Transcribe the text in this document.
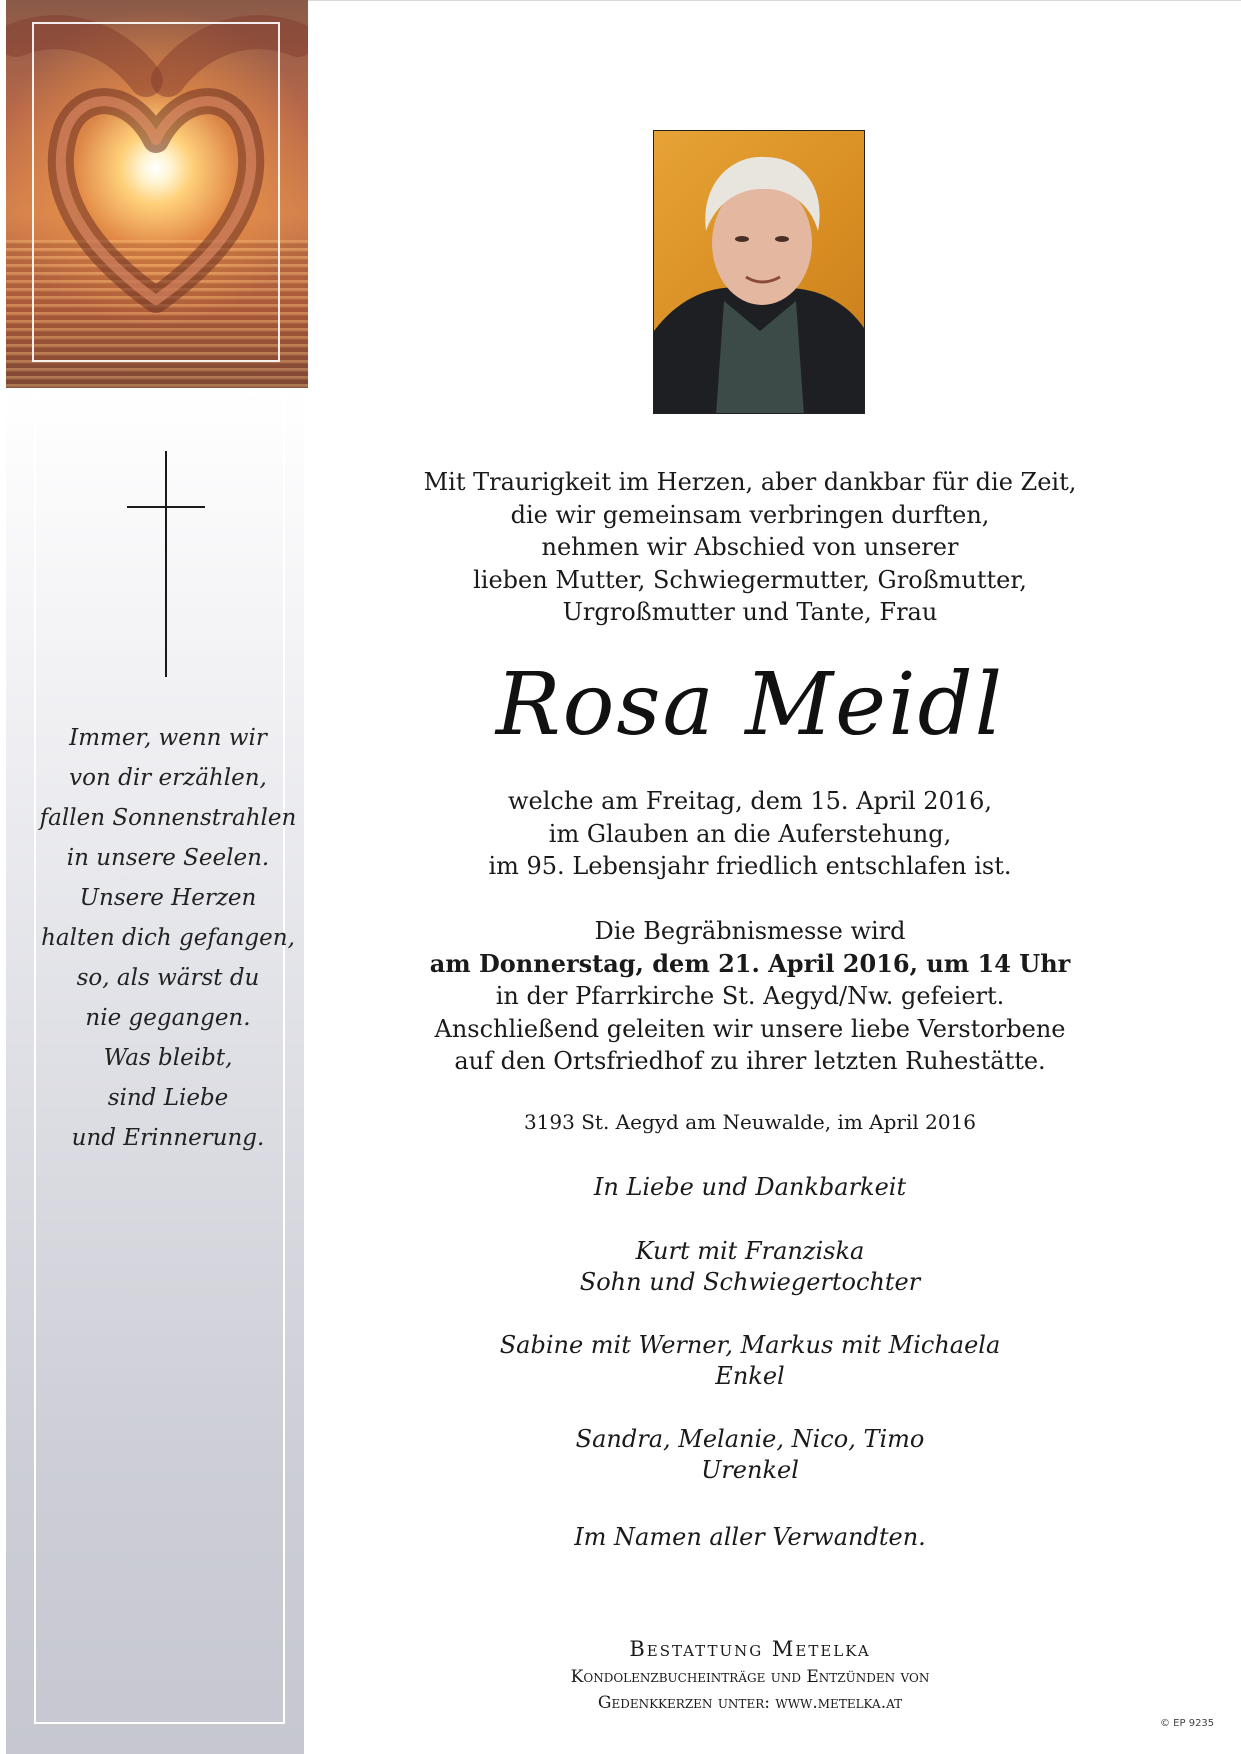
Immer, wenn wir
von dir erzählen,
fallen Sonnenstrahlen
in unsere Seelen.
Unsere Herzen
halten dich gefangen,
so, als wärst du
nie gegangen.
Was bleibt,
sind Liebe
und Erinnerung.
Mit Traurigkeit im Herzen, aber dankbar für die Zeit,
die wir gemeinsam verbringen durften,
nehmen wir Abschied von unserer
lieben Mutter, Schwiegermutter, Großmutter,
Urgroßmutter und Tante, Frau
Rosa Meidl
welche am Freitag, dem 15. April 2016,
im Glauben an die Auferstehung,
im 95. Lebensjahr friedlich entschlafen ist.
Die Begräbnismesse wird
am Donnerstag, dem 21. April 2016, um 14 Uhr
in der Pfarrkirche St. Aegyd/Nw. gefeiert.
Anschließend geleiten wir unsere liebe Verstorbene
auf den Ortsfriedhof zu ihrer letzten Ruhestätte.
3193 St. Aegyd am Neuwalde, im April 2016
In Liebe und Dankbarkeit
Kurt mit Franziska
Sohn und Schwiegertochter
Sabine mit Werner, Markus mit Michaela
Enkel
Sandra, Melanie, Nico, Timo
Urenkel
Im Namen aller Verwandten.
Bestattung Metelka
Kondolenzbucheinträge und Entzünden von
Gedenkkerzen unter: www.metelka.at
© EP 9235
